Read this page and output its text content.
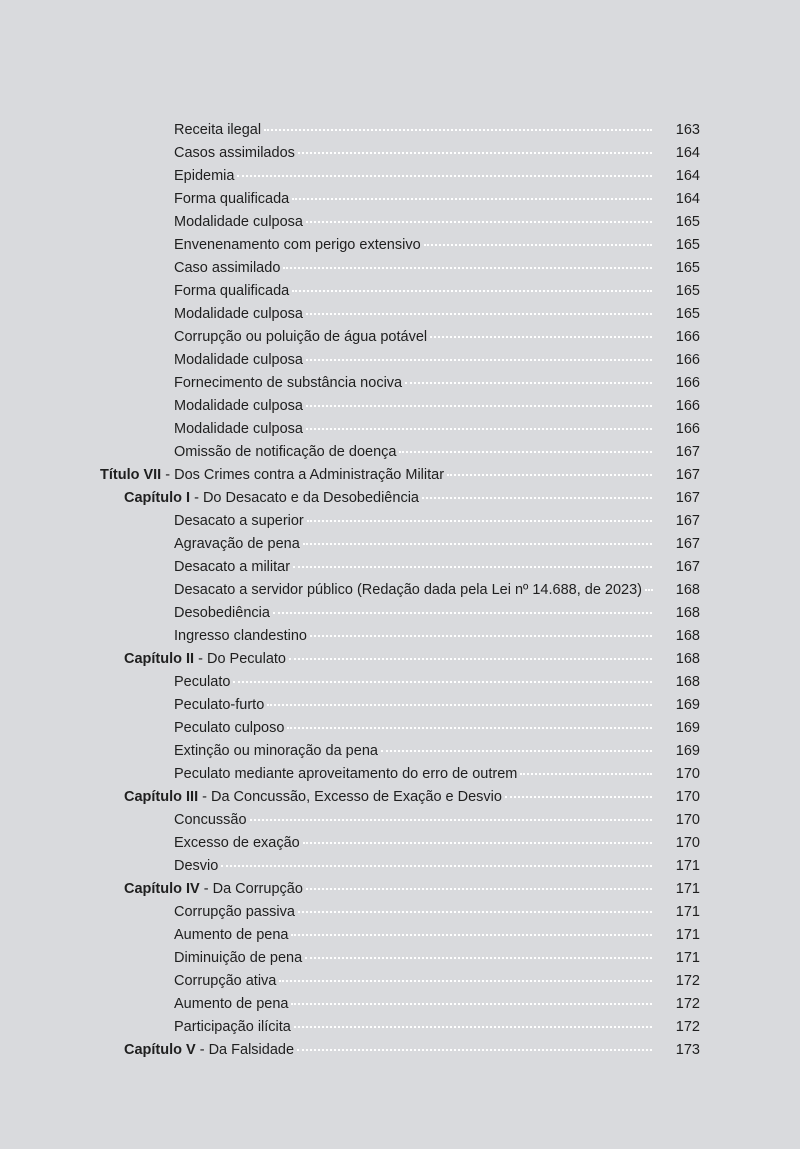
Receita ilegal	163
Casos assimilados	164
Epidemia	164
Forma qualificada	164
Modalidade culposa	165
Envenenamento com perigo extensivo	165
Caso assimilado	165
Forma qualificada	165
Modalidade culposa	165
Corrupção ou poluição de água potável	166
Modalidade culposa	166
Fornecimento de substância nociva	166
Modalidade culposa	166
Modalidade culposa	166
Omissão de notificação de doença	167
Título VII - Dos Crimes contra a Administração Militar	167
Capítulo I - Do Desacato e da Desobediência	167
Desacato a superior	167
Agravação de pena	167
Desacato a militar	167
Desacato a servidor público (Redação dada pela Lei nº 14.688, de 2023)	168
Desobediência	168
Ingresso clandestino	168
Capítulo II - Do Peculato	168
Peculato	168
Peculato-furto	169
Peculato culposo	169
Extinção ou minoração da pena	169
Peculato mediante aproveitamento do erro de outrem	170
Capítulo III - Da Concussão, Excesso de Exação e Desvio	170
Concussão	170
Excesso de exação	170
Desvio	171
Capítulo IV - Da Corrupção	171
Corrupção passiva	171
Aumento de pena	171
Diminuição de pena	171
Corrupção ativa	172
Aumento de pena	172
Participação ilícita	172
Capítulo V - Da Falsidade	173
